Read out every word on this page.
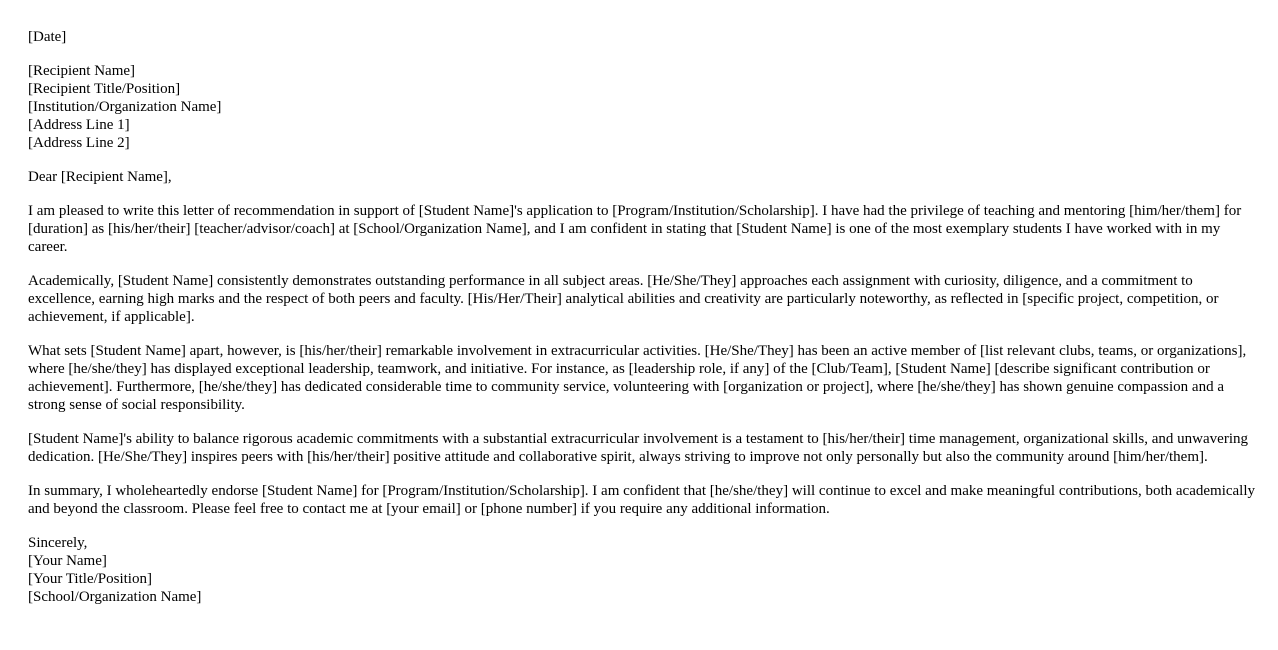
[Date]
[Recipient Name]
[Recipient Title/Position]
[Institution/Organization Name]
[Address Line 1]
[Address Line 2]

Dear [Recipient Name],

I am pleased to write this letter of recommendation in support of [Student Name]'s application to [Program/Institution/Scholarship]. I have had the privilege of teaching and mentoring [him/her/them] for [duration] as [his/her/their] [teacher/advisor/coach] at [School/Organization Name], and I am confident in stating that [Student Name] is one of the most exemplary students I have worked with in my career.

Academically, [Student Name] consistently demonstrates outstanding performance in all subject areas. [He/She/They] approaches each assignment with curiosity, diligence, and a commitment to excellence, earning high marks and the respect of both peers and faculty. [His/Her/Their] analytical abilities and creativity are particularly noteworthy, as reflected in [specific project, competition, or achievement, if applicable].

What sets [Student Name] apart, however, is [his/her/their] remarkable involvement in extracurricular activities. [He/She/They] has been an active member of [list relevant clubs, teams, or organizations], where [he/she/they] has displayed exceptional leadership, teamwork, and initiative. For instance, as [leadership role, if any] of the [Club/Team], [Student Name] [describe significant contribution or achievement]. Furthermore, [he/she/they] has dedicated considerable time to community service, volunteering with [organization or project], where [he/she/they] has shown genuine compassion and a strong sense of social responsibility.

[Student Name]'s ability to balance rigorous academic commitments with a substantial extracurricular involvement is a testament to [his/her/their] time management, organizational skills, and unwavering dedication. [He/She/They] inspires peers with [his/her/their] positive attitude and collaborative spirit, always striving to improve not only personally but also the community around [him/her/them].

In summary, I wholeheartedly endorse [Student Name] for [Program/Institution/Scholarship]. I am confident that [he/she/they] will continue to excel and make meaningful contributions, both academically and beyond the classroom. Please feel free to contact me at [your email] or [phone number] if you require any additional information.

Sincerely,
[Your Name]
[Your Title/Position]
[School/Organization Name]
